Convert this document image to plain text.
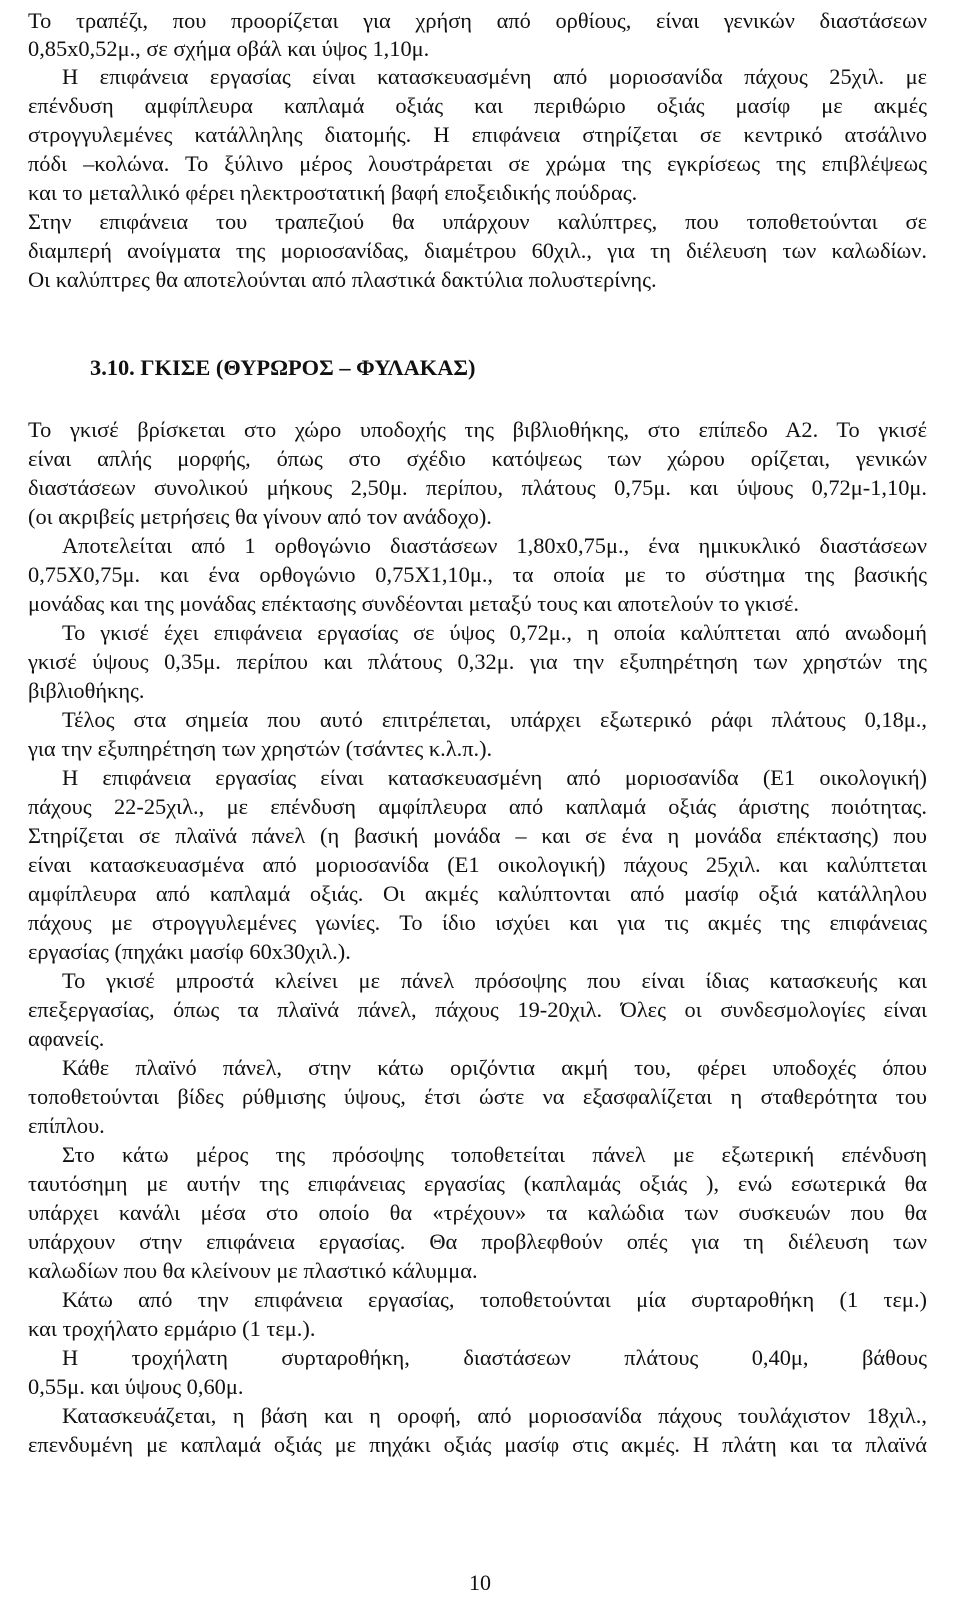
Το τραπέζι, που προορίζεται για χρήση από ορθίους, είναι γενικών διαστάσεων
0,85x0,52μ., σε σχήμα οβάλ και ύψος 1,10μ.
Η επιφάνεια εργασίας είναι κατασκευασμένη από μοριοσανίδα πάχους 25χιλ. με
επένδυση αμφίπλευρα καπλαμά οξιάς και περιθώριο οξιάς μασίφ με ακμές
στρογγυλεμένες κατάλληλης διατομής. Η επιφάνεια στηρίζεται σε κεντρικό ατσάλινο
πόδι –κολώνα. Το ξύλινο μέρος λουστράρεται σε χρώμα της εγκρίσεως της επιβλέψεως
και το μεταλλικό φέρει ηλεκτροστατική βαφή εποξειδικής πούδρας.
Στην επιφάνεια του τραπεζιού θα υπάρχουν καλύπτρες, που τοποθετούνται σε
διαμπερή ανοίγματα της μοριοσανίδας, διαμέτρου 60χιλ., για τη διέλευση των καλωδίων.
Οι καλύπτρες θα αποτελούνται από πλαστικά δακτύλια πολυστερίνης.
3.10. ΓΚΙΣΕ (ΘΥΡΩΡΟΣ – ΦΥΛΑΚΑΣ)
Το γκισέ βρίσκεται στο χώρο υποδοχής της βιβλιοθήκης, στο επίπεδο Α2. Το γκισέ
είναι απλής μορφής, όπως στο σχέδιο κατόψεως των χώρου ορίζεται, γενικών
διαστάσεων συνολικού μήκους 2,50μ. περίπου, πλάτους 0,75μ. και ύψους 0,72μ-1,10μ.
(οι ακριβείς μετρήσεις θα γίνουν από τον ανάδοχο).
Αποτελείται από 1 ορθογώνιο διαστάσεων 1,80x0,75μ., ένα ημικυκλικό διαστάσεων
0,75Χ0,75μ. και ένα ορθογώνιο 0,75Χ1,10μ., τα οποία με το σύστημα της βασικής
μονάδας και της μονάδας επέκτασης συνδέονται μεταξύ τους και αποτελούν το γκισέ.
Το γκισέ έχει επιφάνεια εργασίας σε ύψος 0,72μ., η οποία καλύπτεται από ανωδομή
γκισέ ύψους 0,35μ. περίπου και πλάτους 0,32μ. για την εξυπηρέτηση των χρηστών της
βιβλιοθήκης.
Τέλος στα σημεία που αυτό επιτρέπεται, υπάρχει εξωτερικό ράφι πλάτους 0,18μ.,
για την εξυπηρέτηση των χρηστών (τσάντες κ.λ.π.).
Η επιφάνεια εργασίας είναι κατασκευασμένη από μοριοσανίδα (Ε1 οικολογική)
πάχους 22-25χιλ., με επένδυση αμφίπλευρα από καπλαμά οξιάς άριστης ποιότητας.
Στηρίζεται σε πλαϊνά πάνελ (η βασική μονάδα – και σε ένα η μονάδα επέκτασης) που
είναι κατασκευασμένα από μοριοσανίδα (Ε1 οικολογική) πάχους 25χιλ. και καλύπτεται
αμφίπλευρα από καπλαμά οξιάς. Οι ακμές καλύπτονται από μασίφ οξιά κατάλληλου
πάχους με στρογγυλεμένες γωνίες. Το ίδιο ισχύει και για τις ακμές της επιφάνειας
εργασίας (πηχάκι μασίφ 60x30χιλ.).
Το γκισέ μπροστά κλείνει με πάνελ πρόσοψης που είναι ίδιας κατασκευής και
επεξεργασίας, όπως τα πλαϊνά πάνελ, πάχους 19-20χιλ. Όλες οι συνδεσμολογίες είναι
αφανείς.
Κάθε πλαϊνό πάνελ, στην κάτω οριζόντια ακμή του, φέρει υποδοχές όπου
τοποθετούνται βίδες ρύθμισης ύψους, έτσι ώστε να εξασφαλίζεται η σταθερότητα του
επίπλου.
Στο κάτω μέρος της πρόσοψης τοποθετείται πάνελ με εξωτερική επένδυση
ταυτόσημη με αυτήν της επιφάνειας εργασίας (καπλαμάς οξιάς ), ενώ εσωτερικά θα
υπάρχει κανάλι μέσα στο οποίο θα «τρέχουν» τα καλώδια των συσκευών που θα
υπάρχουν στην επιφάνεια εργασίας. Θα προβλεφθούν οπές για τη διέλευση των
καλωδίων που θα κλείνουν με πλαστικό κάλυμμα.
Κάτω από την επιφάνεια εργασίας, τοποθετούνται μία συρταροθήκη (1 τεμ.)
και τροχήλατο ερμάριο (1 τεμ.).
Η τροχήλατη συρταροθήκη, διαστάσεων πλάτους 0,40μ, βάθους
0,55μ. και ύψους 0,60μ.
Κατασκευάζεται, η βάση και η οροφή, από μοριοσανίδα πάχους τουλάχιστον 18χιλ.,
επενδυμένη με καπλαμά οξιάς με πηχάκι οξιάς μασίφ στις ακμές. Η πλάτη και τα πλαϊνά
10
